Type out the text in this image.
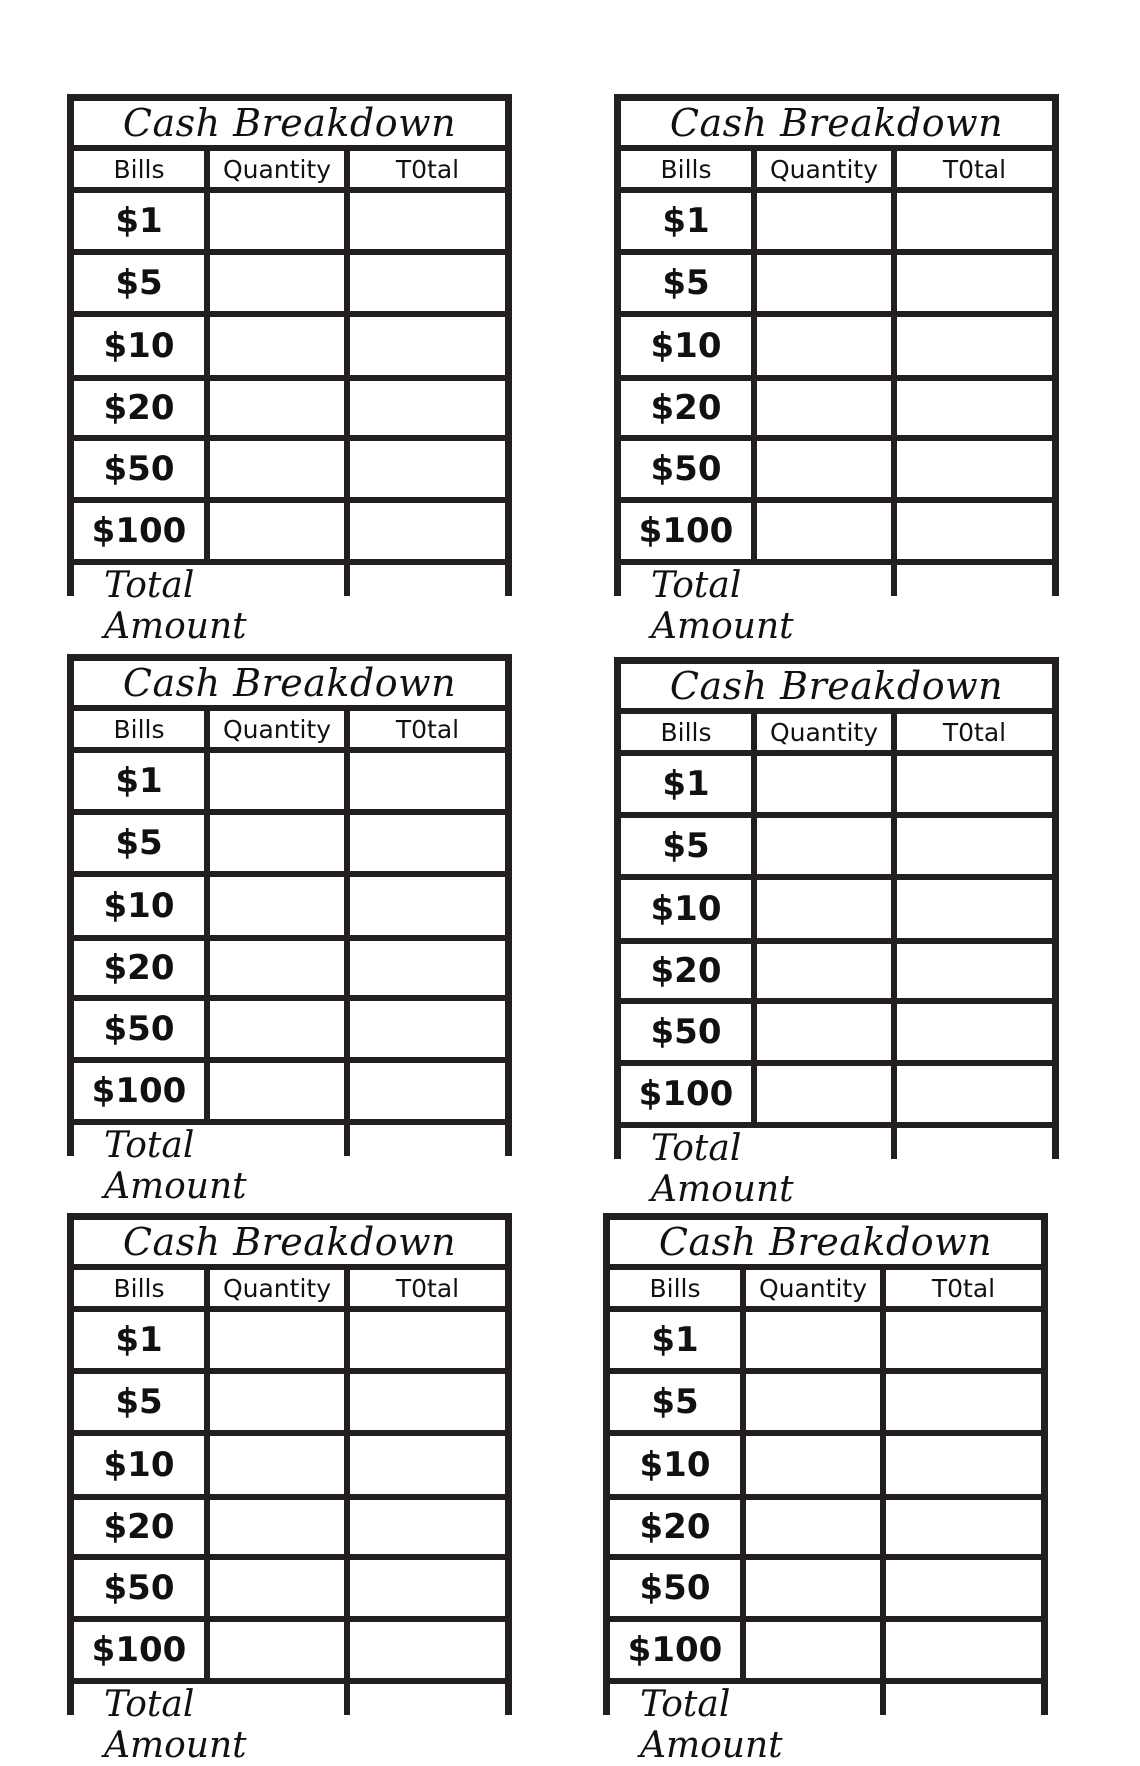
Cash Breakdown
Bills	Quantity	T0tal
$1
$5
$10
$20
$50
$100
Total Amount
Cash Breakdown
Bills	Quantity	T0tal
$1
$5
$10
$20
$50
$100
Total Amount
Cash Breakdown
Bills	Quantity	T0tal
$1
$5
$10
$20
$50
$100
Total Amount
Cash Breakdown
Bills	Quantity	T0tal
$1
$5
$10
$20
$50
$100
Total Amount
Cash Breakdown
Bills	Quantity	T0tal
$1
$5
$10
$20
$50
$100
Total Amount
Cash Breakdown
Bills	Quantity	T0tal
$1
$5
$10
$20
$50
$100
Total Amount
